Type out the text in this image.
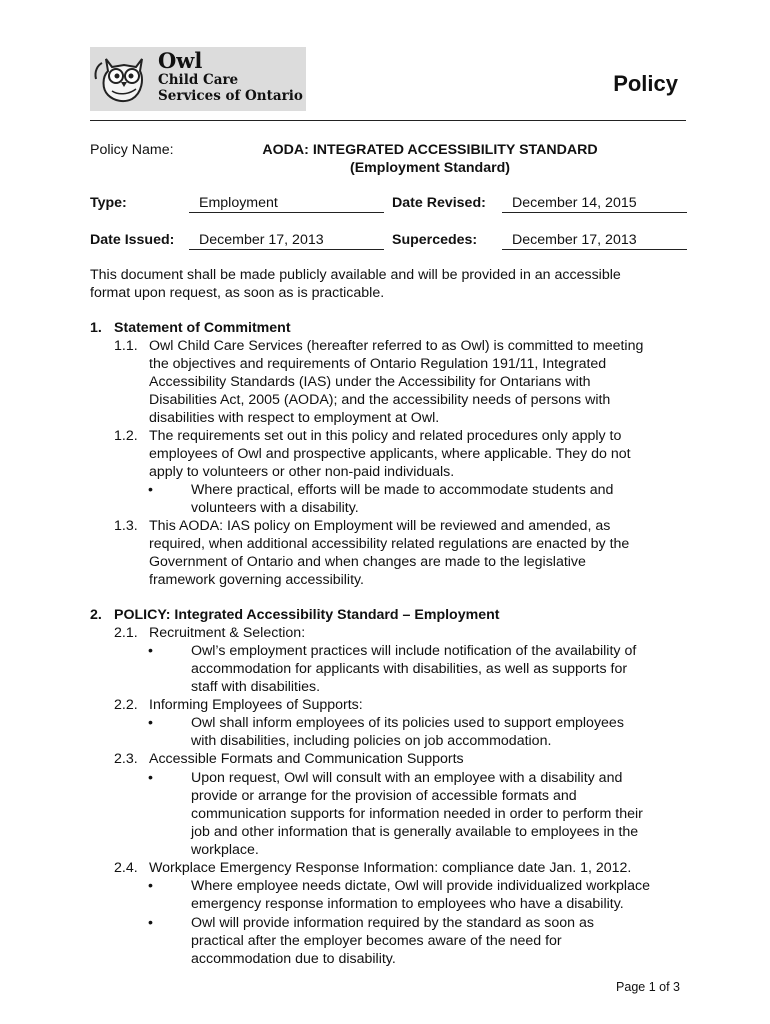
Owl
Child Care
Services of Ontario	Policy
Policy Name:	AODA: INTEGRATED ACCESSIBILITY STANDARD
(Employment Standard)
Type:	Employment	Date Revised:	December 14, 2015
Date Issued:	December 17, 2013	Supercedes:	December 17, 2013
This document shall be made publicly available and will be provided in an accessible
format upon request, as soon as is practicable.
1. Statement of Commitment
1.1. Owl Child Care Services (hereafter referred to as Owl) is committed to meeting
the objectives and requirements of Ontario Regulation 191/11, Integrated
Accessibility Standards (IAS) under the Accessibility for Ontarians with
Disabilities Act, 2005 (AODA); and the accessibility needs of persons with
disabilities with respect to employment at Owl.
1.2. The requirements set out in this policy and related procedures only apply to
employees of Owl and prospective applicants, where applicable. They do not
apply to volunteers or other non-paid individuals.
•	Where practical, efforts will be made to accommodate students and
volunteers with a disability.
1.3. This AODA: IAS policy on Employment will be reviewed and amended, as
required, when additional accessibility related regulations are enacted by the
Government of Ontario and when changes are made to the legislative
framework governing accessibility.
2. POLICY: Integrated Accessibility Standard – Employment
2.1. Recruitment & Selection:
•	Owl’s employment practices will include notification of the availability of
accommodation for applicants with disabilities, as well as supports for
staff with disabilities.
2.2. Informing Employees of Supports:
•	Owl shall inform employees of its policies used to support employees
with disabilities, including policies on job accommodation.
2.3. Accessible Formats and Communication Supports
•	Upon request, Owl will consult with an employee with a disability and
provide or arrange for the provision of accessible formats and
communication supports for information needed in order to perform their
job and other information that is generally available to employees in the
workplace.
2.4. Workplace Emergency Response Information: compliance date Jan. 1, 2012.
•	Where employee needs dictate, Owl will provide individualized workplace
emergency response information to employees who have a disability.
•	Owl will provide information required by the standard as soon as
practical after the employer becomes aware of the need for
accommodation due to disability.
Page 1 of 3
